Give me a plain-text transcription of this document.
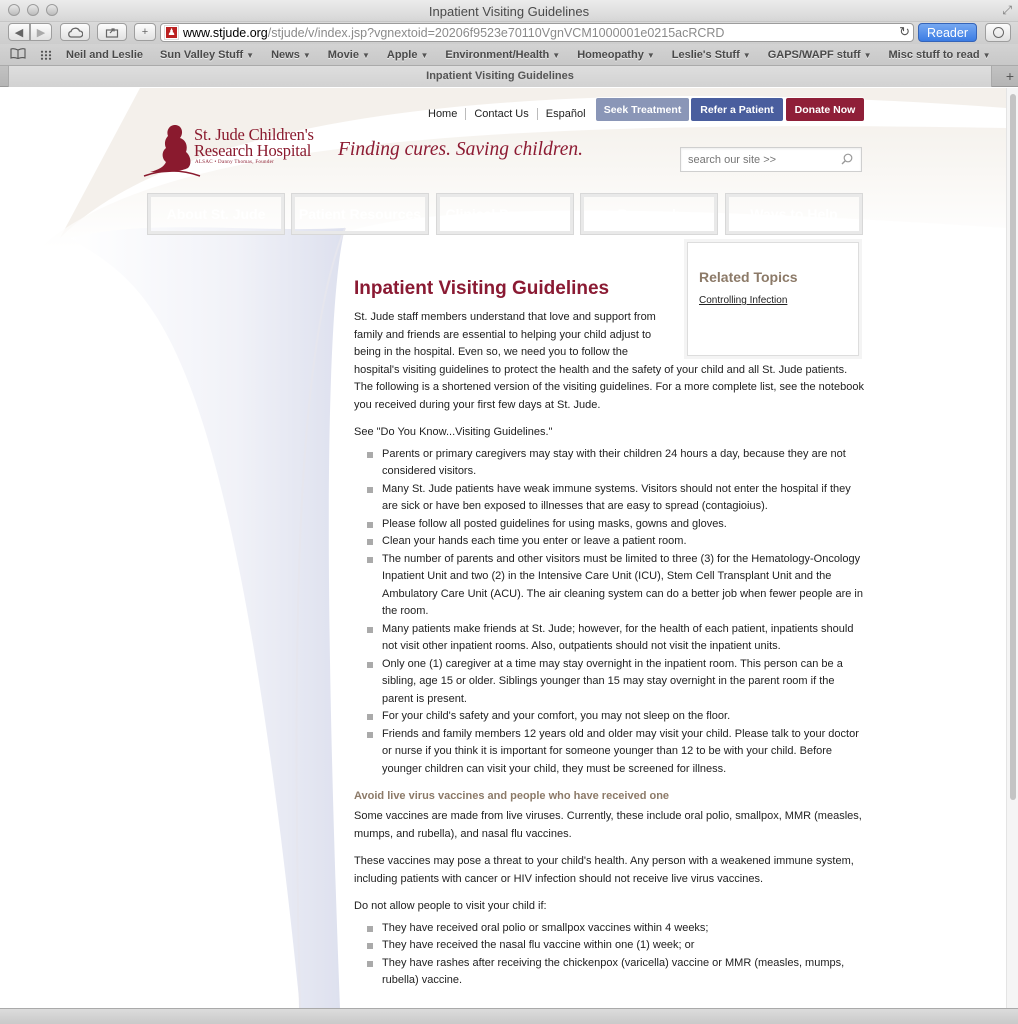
Inpatient Visiting Guidelines	⤢
◀	▶	+	♟ www.stjude.org /stjude/v/index.jsp?vgnextoid=20206f9523e70110VgnVCM1000001e0215acRCRD	↻	Reader
Neil and Leslie Sun Valley Stuff ▼ News ▼ Movie ▼ Apple ▼ Environment/Health ▼ Homeopathy ▼ Leslie's Stuff ▼ GAPS/WAPF stuff ▼ Misc stuff to read ▼
Inpatient Visiting Guidelines	+
Home	Contact Us	Español	Seek Treatment	Refer a Patient	Donate Now
St. Jude Children's
Research Hospital
ALSAC • Danny Thomas, Founder
Finding cures. Saving children.
search our site >>
About St. Jude	Patient Resources	Clinical Programs	Research	Ways to Help
Related Topics
Controlling Infection
Inpatient Visiting Guidelines
St. Jude staff members understand that love and support from
family and friends are essential to helping your child adjust to
being in the hospital. Even so, we need you to follow the
hospital's visiting guidelines to protect the health and the safety of your child and all St. Jude patients. The following is a shortened version of the visiting guidelines. For a more complete list, see the notebook you received during your first few days at St. Jude.

See "Do You Know...Visiting Guidelines."

Parents or primary caregivers may stay with their children 24 hours a day, because they are not considered visitors.
Many St. Jude patients have weak immune systems. Visitors should not enter the hospital if they are sick or have ben exposed to illnesses that are easy to spread (contagioius).
Please follow all posted guidelines for using masks, gowns and gloves.
Clean your hands each time you enter or leave a patient room.
The number of parents and other visitors must be limited to three (3) for the Hematology-Oncology Inpatient Unit and two (2) in the Intensive Care Unit (ICU), Stem Cell Transplant Unit and the Ambulatory Care Unit (ACU). The air cleaning system can do a better job when fewer people are in the room.
Many patients make friends at St. Jude; however, for the health of each patient, inpatients should not visit other inpatient rooms. Also, outpatients should not visit the inpatient units.
Only one (1) caregiver at a time may stay overnight in the inpatient room. This person can be a sibling, age 15 or older. Siblings younger than 15 may stay overnight in the parent room if the parent is present.
For your child's safety and your comfort, you may not sleep on the floor.
Friends and family members 12 years old and older may visit your child. Please talk to your doctor or nurse if you think it is important for someone younger than 12 to be with your child. Before younger children can visit your child, they must be screened for illness.
Avoid live virus vaccines and people who have received one

Some vaccines are made from live viruses. Currently, these include oral polio, smallpox, MMR (measles, mumps, and rubella), and nasal flu vaccines.

These vaccines may pose a threat to your child's health. Any person with a weakened immune system, including patients with cancer or HIV infection should not receive live virus vaccines.

Do not allow people to visit your child if:

They have received oral polio or smallpox vaccines within 4 weeks;
They have received the nasal flu vaccine within one (1) week; or
They have rashes after receiving the chickenpox (varicella) vaccine or MMR (measles, mumps, rubella) vaccine.
